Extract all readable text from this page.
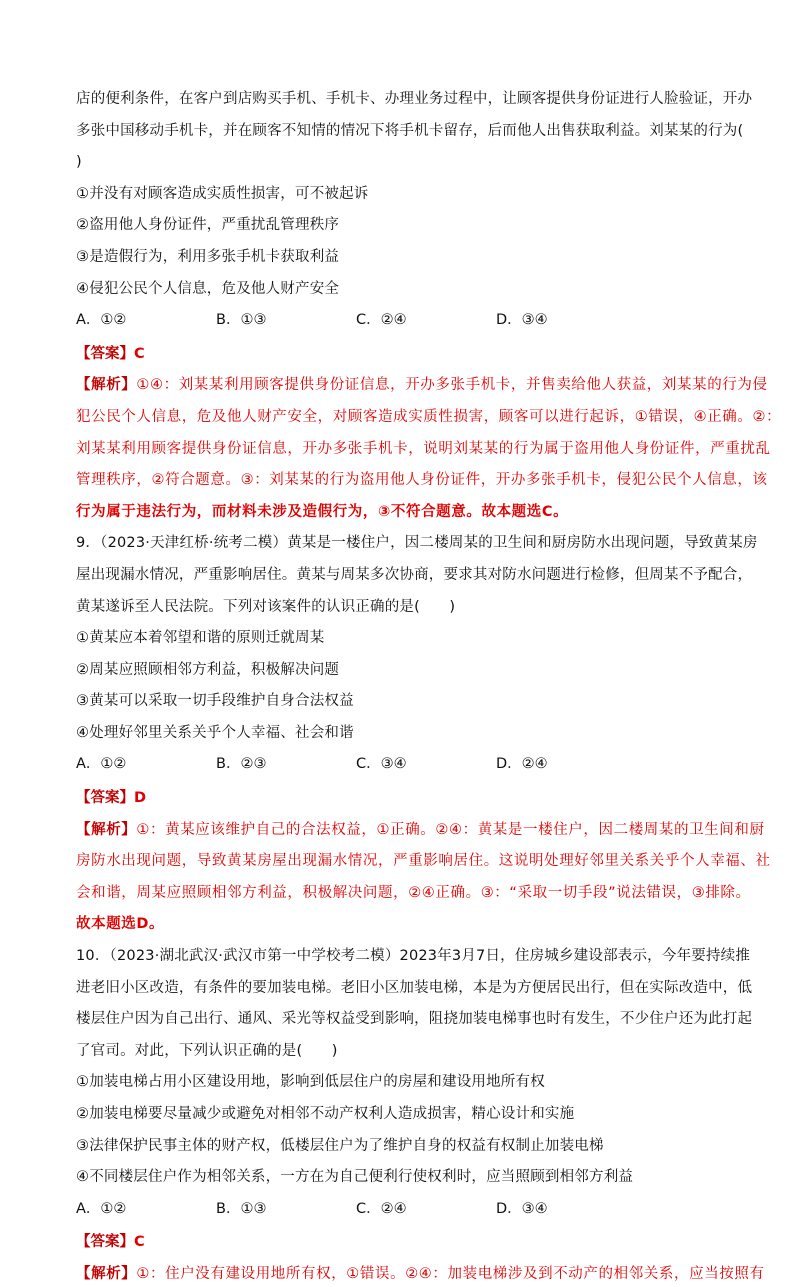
店的便利条件，在客户到店购买手机、手机卡、办理业务过程中，让顾客提供身份证进行人脸验证，开办
多张中国移动手机卡，并在顾客不知情的情况下将手机卡留存，后而他人出售获取利益。刘某某的行为(
)
①并没有对顾客造成实质性损害，可不被起诉
②盗用他人身份证件，严重扰乱管理秩序
③是造假行为，利用多张手机卡获取利益
④侵犯公民个人信息，危及他人财产安全
A．①②	B．①③	C．②④	D．③④
【答案】C
【解析】①④：刘某某利用顾客提供身份证信息，开办多张手机卡，并售卖给他人获益，刘某某的行为侵
犯公民个人信息，危及他人财产安全，对顾客造成实质性损害，顾客可以进行起诉，①错误，④正确。②：
刘某某利用顾客提供身份证信息，开办多张手机卡，说明刘某某的行为属于盗用他人身份证件，严重扰乱
管理秩序，②符合题意。③：刘某某的行为盗用他人身份证件，开办多张手机卡，侵犯公民个人信息，该
行为属于违法行为，而材料未涉及造假行为，③不符合题意。故本题选C。
9．（2023·天津红桥·统考二模）黄某是一楼住户，因二楼周某的卫生间和厨房防水出现问题，导致黄某房
屋出现漏水情况，严重影响居住。黄某与周某多次协商，要求其对防水问题进行检修，但周某不予配合，
黄某遂诉至人民法院。下列对该案件的认识正确的是(　　)
①黄某应本着邻望和谐的原则迁就周某
②周某应照顾相邻方利益，积极解决问题
③黄某可以采取一切手段维护自身合法权益
④处理好邻里关系关乎个人幸福、社会和谐
A．①②	B．②③	C．③④	D．②④
【答案】D
【解析】①：黄某应该维护自己的合法权益，①正确。②④：黄某是一楼住户，因二楼周某的卫生间和厨
房防水出现问题，导致黄某房屋出现漏水情况，严重影响居住。这说明处理好邻里关系关乎个人幸福、社
会和谐，周某应照顾相邻方利益，积极解决问题，②④正确。③：“采取一切手段”说法错误，③排除。
故本题选D。
10．（2023·湖北武汉·武汉市第一中学校考二模）2023年3月7日，住房城乡建设部表示，今年要持续推
进老旧小区改造，有条件的要加装电梯。老旧小区加装电梯，本是为方便居民出行，但在实际改造中，低
楼层住户因为自己出行、通风、采光等权益受到影响，阻挠加装电梯事也时有发生，不少住户还为此打起
了官司。对此，下列认识正确的是(　　)
①加装电梯占用小区建设用地，影响到低层住户的房屋和建设用地所有权
②加装电梯要尽量减少或避免对相邻不动产权利人造成损害，精心设计和实施
③法律保护民事主体的财产权，低楼层住户为了维护自身的权益有权制止加装电梯
④不同楼层住户作为相邻关系，一方在为自己便利行使权利时，应当照顾到相邻方利益
A．①②	B．①③	C．②④	D．③④
【答案】C
【解析】①：住户没有建设用地所有权，①错误。②④：加装电梯涉及到不动产的相邻关系，应当按照有
